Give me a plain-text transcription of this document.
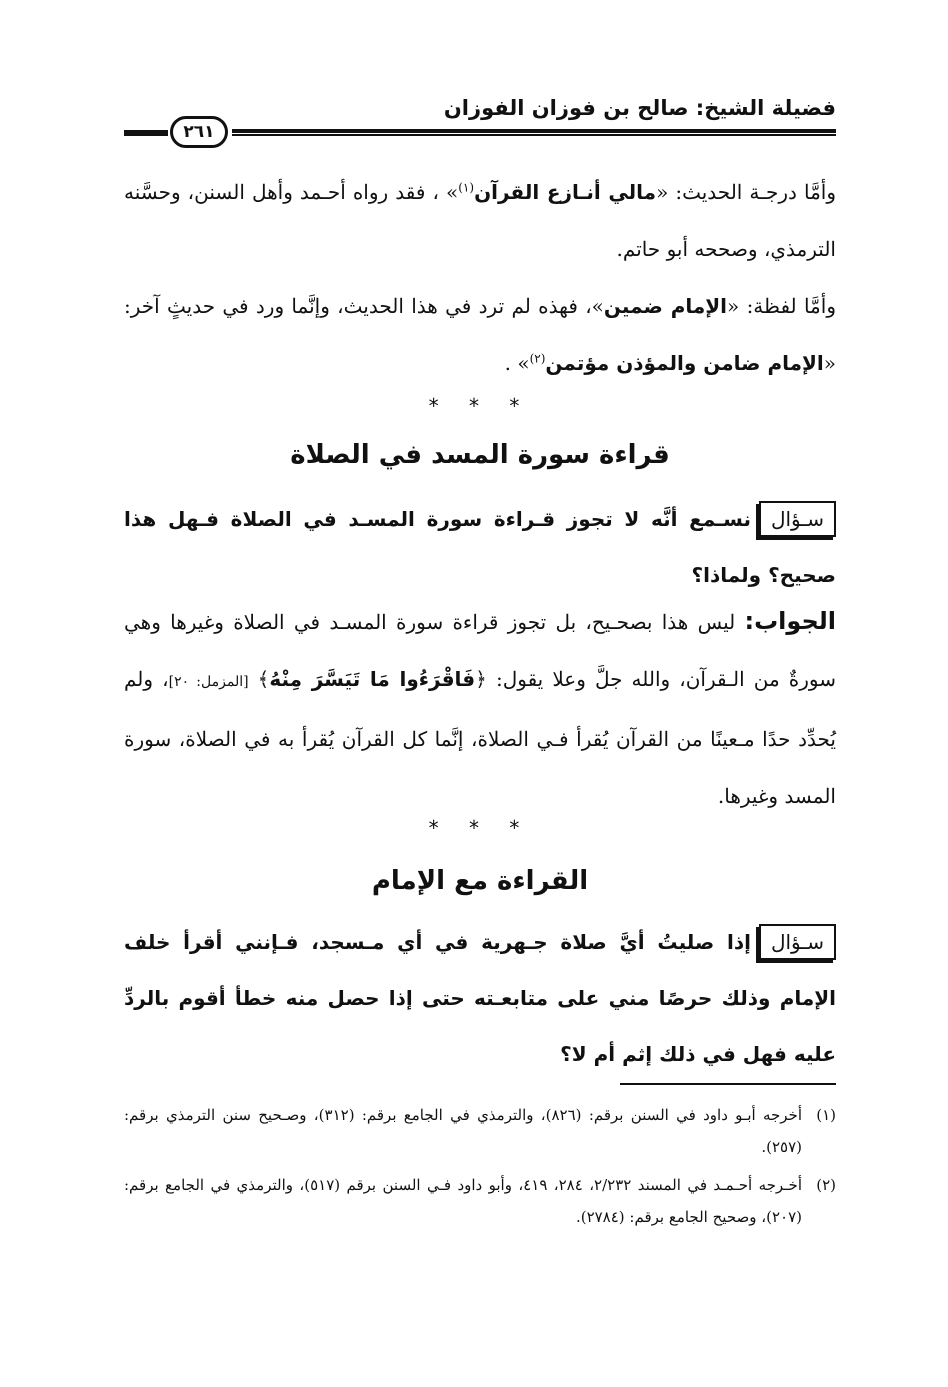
فضيلة الشيخ: صالح بن فوزان الفوزان
٢٦١
وأمَّا درجـة الحديث: «مالي أنـازع القرآن$^{(١)}$» ، فقد رواه أحـمد وأهل السنن، وحسَّنه الترمذي، وصححه أبو حاتم.
وأمَّا لفظة: «الإمام ضمين»، فهذه لم ترد في هذا الحديث، وإنَّما ورد في حديثٍ آخر: «الإمام ضامن والمؤذن مؤتمن$^{(٢)}$» .
* * *
قراءة سورة المسد في الصلاة
سـؤالنسـمع أنَّه لا تجوز قـراءة سورة المسـد في الصلاة فـهل هذا صحيح؟ ولماذا؟
الجواب: ليس هذا بصحـيح، بل تجوز قراءة سورة المسـد في الصلاة وغيرها وهي سورةٌ من الـقرآن، والله جلَّ وعلا يقول: ﴿فَاقْرَءُوا مَا تَيَسَّرَ مِنْهُ﴾ [المزمل: ٢٠]، ولم يُحدِّد حدًا مـعينًا من القرآن يُقرأ فـي الصلاة، إنَّما كل القرآن يُقرأ به في الصلاة، سورة المسد وغيرها.
* * *
القراءة مع الإمام
سـؤالإذا صليتُ أيَّ صلاة جـهرية في أي مـسجد، فـإنني أقرأ خلف الإمام وذلك حرصًا مني على متابعـته حتى إذا حصل منه خطأ أقوم بالردِّ عليه فهل في ذلك إثم أم لا؟
(١)
أخرجه أبـو داود في السنن برقم: (٨٢٦)، والترمذي في الجامع برقم: (٣١٢)، وصـحيح سنن الترمذي برقم: (٢٥٧).
(٢)
أخـرجه أحـمـد في المسند ٢/٢٣٢، ٢٨٤، ٤١٩، وأبو داود فـي السنن برقم (٥١٧)، والترمذي في الجامع برقم: (٢٠٧)، وصحيح الجامع برقم: (٢٧٨٤).
